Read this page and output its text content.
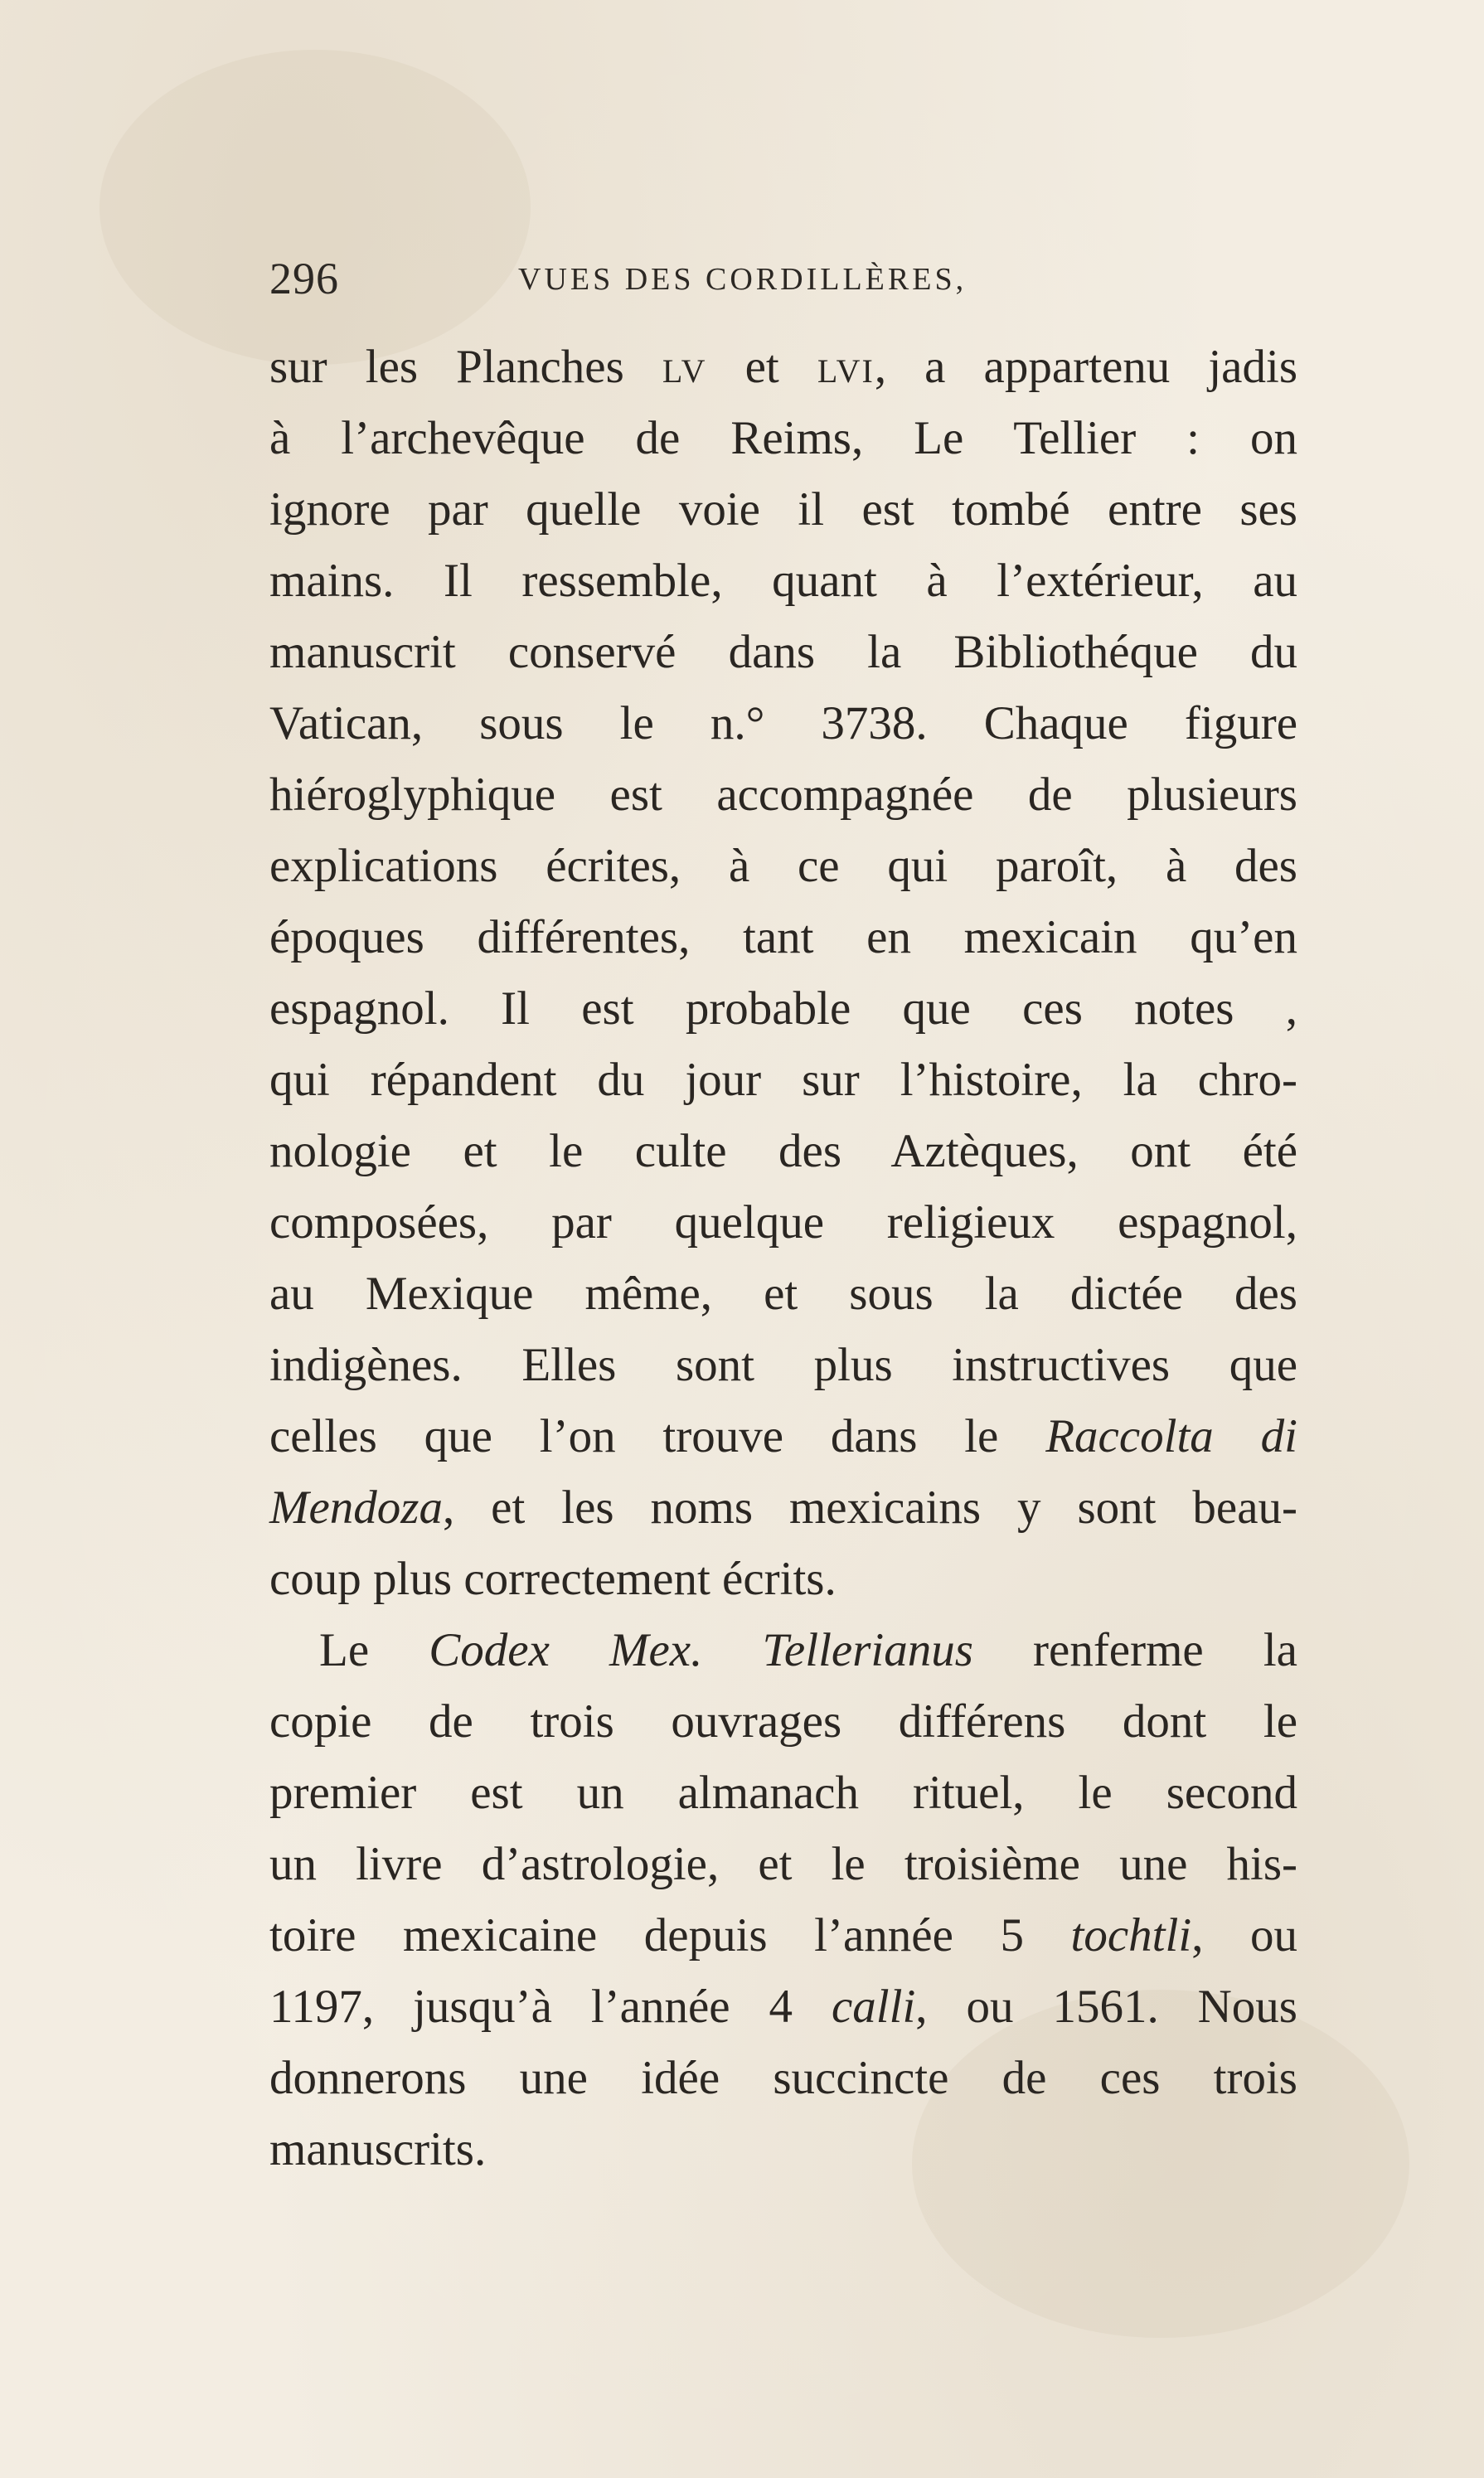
296	VUES DES CORDILLÈRES,
sur les Planches lv et lvi, a appartenu jadis
à l’archevêque de Reims, Le Tellier : on
ignore par quelle voie il est tombé entre ses
mains. Il ressemble, quant à l’extérieur, au
manuscrit conservé dans la Bibliothéque du
Vatican, sous le n.° 3738. Chaque figure
hiéroglyphique est accompagnée de plusieurs
explications écrites, à ce qui paroît, à des
époques différentes, tant en mexicain qu’en
espagnol. Il est probable que ces notes ,
qui répandent du jour sur l’histoire, la chro-
nologie et le culte des Aztèques, ont été
composées, par quelque religieux espagnol,
au Mexique même, et sous la dictée des
indigènes. Elles sont plus instructives que
celles que l’on trouve dans le Raccolta di
Mendoza, et les noms mexicains y sont beau-
coup plus correctement écrits.
Le Codex Mex. Tellerianus renferme la
copie de trois ouvrages différens dont le
premier est un almanach rituel, le second
un livre d’astrologie, et le troisième une his-
toire mexicaine depuis l’année 5 tochtli, ou
1197, jusqu’à l’année 4 calli, ou 1561. Nous
donnerons une idée succincte de ces trois
manuscrits.
